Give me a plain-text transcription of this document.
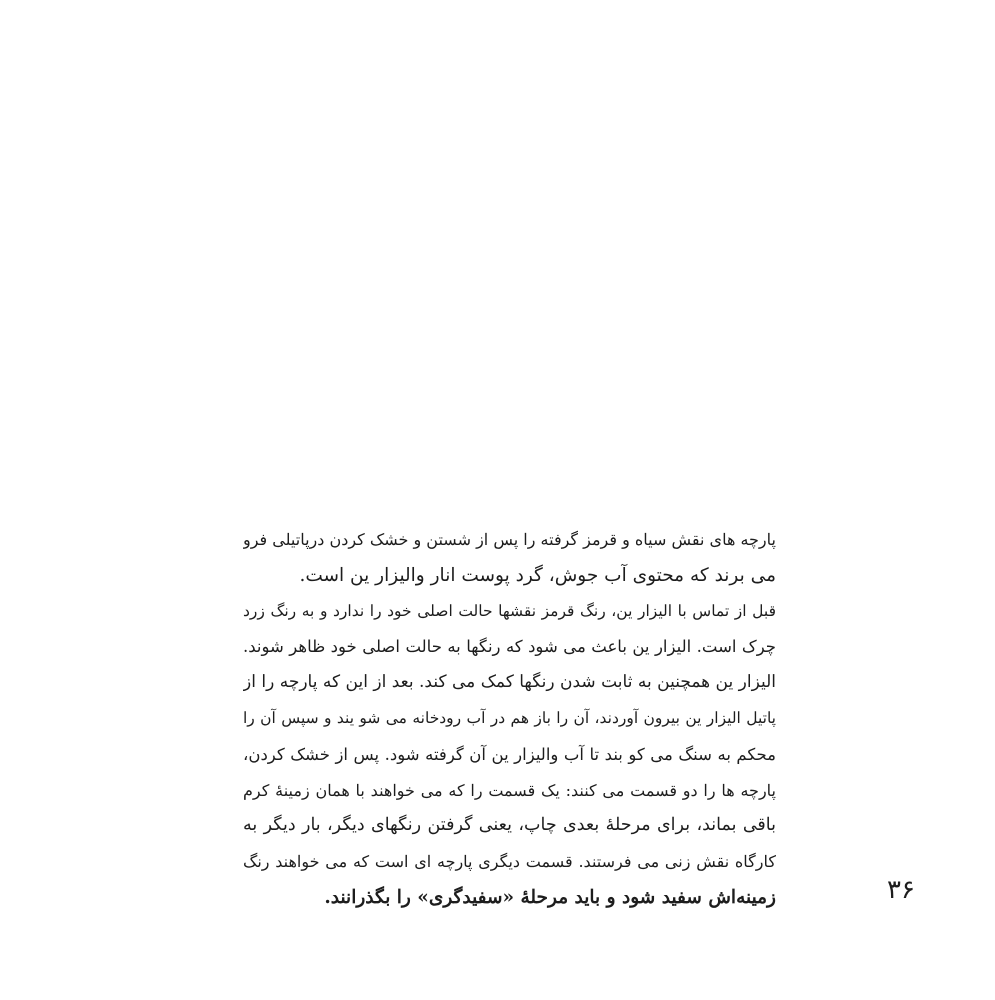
پارچه های نقش سیاه و قرمز گرفته را پس از شستن و خشک کردن درپاتیلی فرو
می برند که محتوی آب جوش، گرد پوست انار والیزار ین است.
قبل از تماس با الیزار ین، رنگ قرمز نقشها حالت اصلی خود را ندارد و به رنگ زرد
چرک است. الیزار ین باعث می شود که رنگها به حالت اصلی خود ظاهر شوند.
الیزار ین همچنین به ثابت شدن رنگها کمک می کند. بعد از این که پارچه را از
پاتیل الیزار ین بیرون آوردند، آن را باز هم در آب رودخانه می شو یند و سپس آن را
محکم به سنگ می کو بند تا آب والیزار ین آن گرفته شود. پس از خشک کردن،
پارچه ها را دو قسمت می کنند: یک قسمت را که می خواهند با همان زمینهٔ کرم
باقی بماند، برای مرحلهٔ بعدی چاپ، یعنی گرفتن رنگهای دیگر، بار دیگر به
کارگاه نقش زنی می فرستند. قسمت دیگری پارچه ای است که می خواهند رنگ
زمینه‌اش سفید شود و باید مرحلهٔ «سفیدگری» را بگذرانند.	۳۶
